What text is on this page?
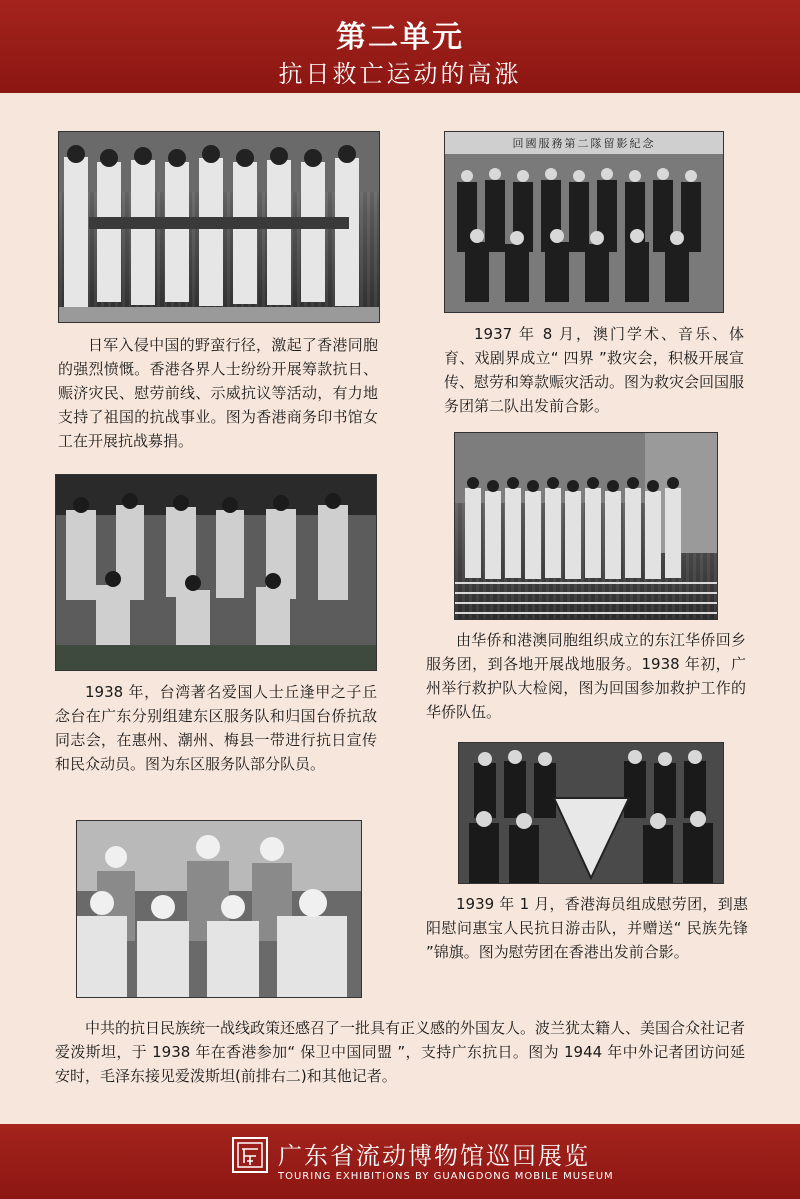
第二单元
抗日救亡运动的高涨
日军入侵中国的野蛮行径，激起了香港同胞的强烈愤慨。香港各界人士纷纷开展筹款抗日、赈济灾民、慰劳前线、示威抗议等活动，有力地支持了祖国的抗战事业。图为香港商务印书馆女工在开展抗战募捐。
回國服務第二隊留影紀念
1937 年 8 月，澳门学术、音乐、体育、戏剧界成立“ 四界 ”救灾会，积极开展宣传、慰劳和筹款赈灾活动。图为救灾会回国服务团第二队出发前合影。
1938 年，台湾著名爱国人士丘逢甲之子丘念台在广东分别组建东区服务队和归国台侨抗敌同志会，在惠州、潮州、梅县一带进行抗日宣传和民众动员。图为东区服务队部分队员。
由华侨和港澳同胞组织成立的东江华侨回乡服务团，到各地开展战地服务。1938 年初，广州举行救护队大检阅，图为回国参加救护工作的华侨队伍。
1939 年 1 月，香港海员组成慰劳团，到惠阳慰问惠宝人民抗日游击队，并赠送“ 民族先锋 ”锦旗。图为慰劳团在香港出发前合影。
中共的抗日民族统一战线政策还感召了一批具有正义感的外国友人。波兰犹太籍人、美国合众社记者爱泼斯坦，于 1938 年在香港参加“ 保卫中国同盟 ”，支持广东抗日。图为 1944 年中外记者团访问延安时，毛泽东接见爱泼斯坦(前排右二)和其他记者。
广东省流动博物馆巡回展览
TOURING EXHIBITIONS BY GUANGDONG MOBILE MUSEUM
